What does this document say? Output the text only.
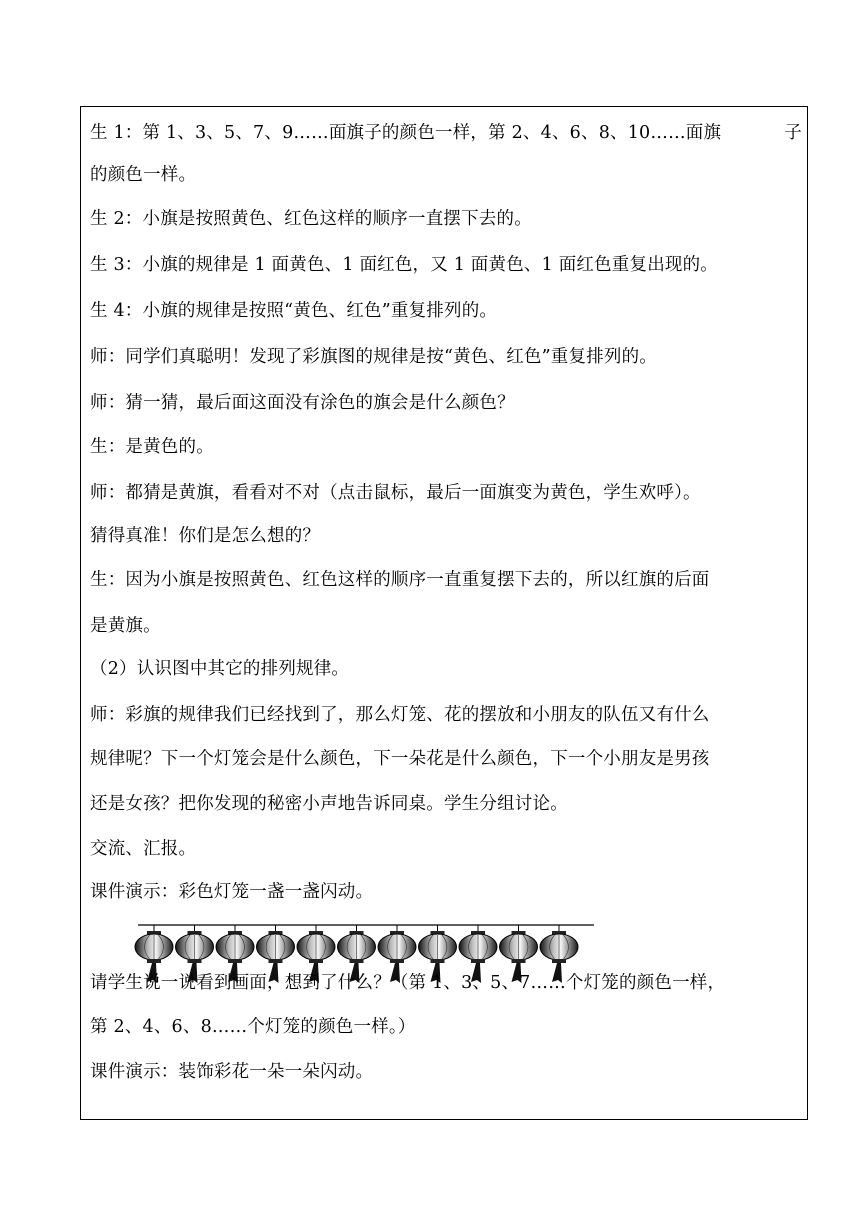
生 1：第 1、3、5、7、9……面旗子的颜色一样，第 2、4、6、8、10……面旗	子
的颜色一样。
生 2：小旗是按照黄色、红色这样的顺序一直摆下去的。
生 3：小旗的规律是 1 面黄色、1 面红色，又 1 面黄色、1 面红色重复出现的。
生 4：小旗的规律是按照“黄色、红色”重复排列的。
师：同学们真聪明！发现了彩旗图的规律是按“黄色、红色”重复排列的。
师：猜一猜，最后面这面没有涂色的旗会是什么颜色？
生：是黄色的。
师：都猜是黄旗，看看对不对（点击鼠标，最后一面旗变为黄色，学生欢呼）。
猜得真准！你们是怎么想的？
生：因为小旗是按照黄色、红色这样的顺序一直重复摆下去的，所以红旗的后面
是黄旗。
（2）认识图中其它的排列规律。
师：彩旗的规律我们已经找到了，那么灯笼、花的摆放和小朋友的队伍又有什么
规律呢？下一个灯笼会是什么颜色，下一朵花是什么颜色，下一个小朋友是男孩
还是女孩？把你发现的秘密小声地告诉同桌。学生分组讨论。
交流、汇报。
课件演示：彩色灯笼一盏一盏闪动。
请学生说一说看到画面，想到了什么？（第 1、3、5、7……个灯笼的颜色一样，
第 2、4、6、8……个灯笼的颜色一样。）
课件演示：装饰彩花一朵一朵闪动。
